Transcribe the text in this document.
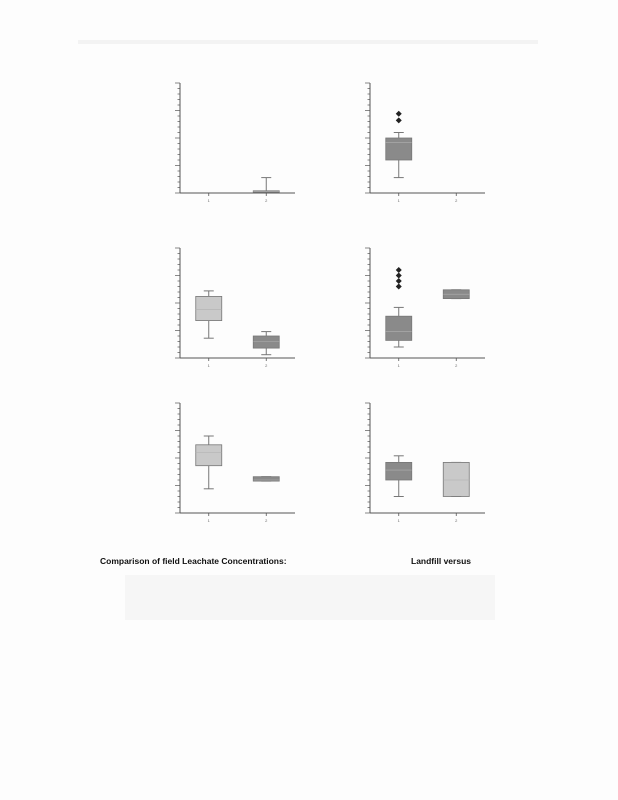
1	2	1	2
1	2	1	2
1	2	1	2
Comparison of field Leachate Concentrations:	Landfill versus
